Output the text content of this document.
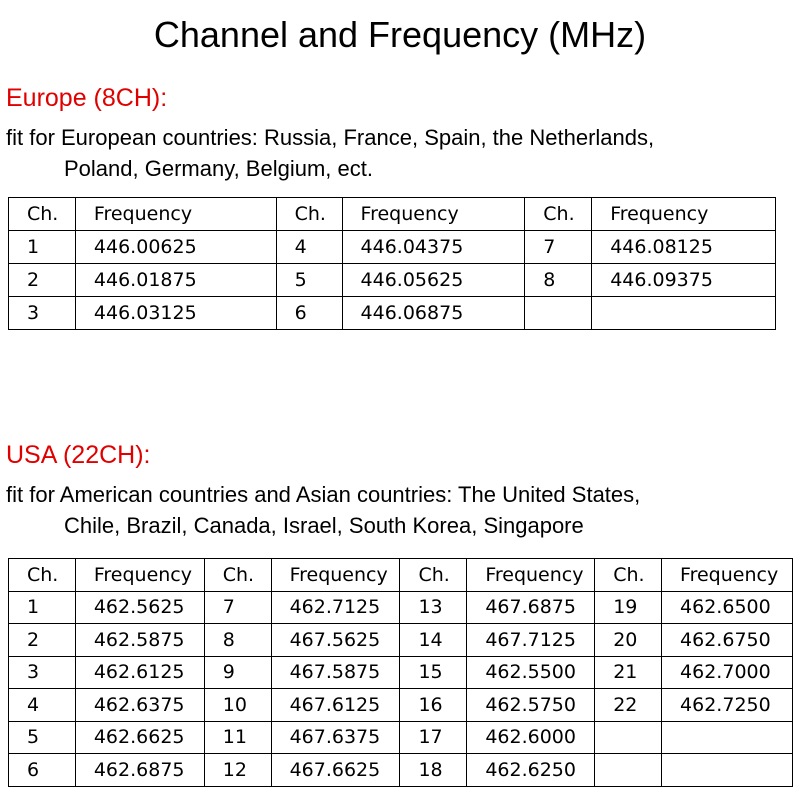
Channel and Frequency (MHz)
Europe (8CH):
fit for European countries: Russia, France, Spain, the Netherlands,
Poland, Germany, Belgium, ect.
Ch.	Frequency	Ch.	Frequency	Ch.	Frequency
1	446.00625	4	446.04375	7	446.08125
2	446.01875	5	446.05625	8	446.09375
3	446.03125	6	446.06875		
USA (22CH):
fit for American countries and Asian countries: The United States,
Chile, Brazil, Canada, Israel, South Korea, Singapore
Ch.	Frequency	Ch.	Frequency	Ch.	Frequency	Ch.	Frequency
1	462.5625	7	462.7125	13	467.6875	19	462.6500
2	462.5875	8	467.5625	14	467.7125	20	462.6750
3	462.6125	9	467.5875	15	462.5500	21	462.7000
4	462.6375	10	467.6125	16	462.5750	22	462.7250
5	462.6625	11	467.6375	17	462.6000		
6	462.6875	12	467.6625	18	462.6250		
